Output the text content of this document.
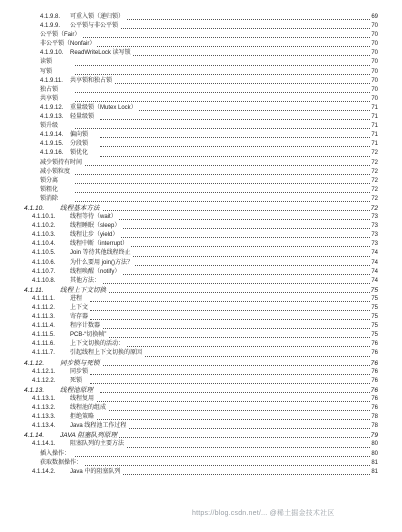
4.1.9.8. 可重入锁（递归锁）	69
4.1.9.9. 公平锁与非公平锁	70
公平锁（Fair）	70
非公平锁（Nonfair）	70
4.1.9.10. ReadWriteLock 读写锁	70
读锁	70
写锁	70
4.1.9.11. 共享锁和独占锁	70
独占锁	70
共享锁	70
4.1.9.12. 重量级锁（Mutex Lock）	71
4.1.9.13. 轻量级锁	71
锁升级	71
4.1.9.14. 偏向锁	71
4.1.9.15. 分段锁	71
4.1.9.16. 锁优化	72
减少锁持有时间	72
减小锁粒度	72
锁分离	72
锁粗化	72
锁消除	72
4.1.10. 线程基本方法	72
4.1.10.1. 线程等待（wait）	73
4.1.10.2. 线程睡眠（sleep）	73
4.1.10.3. 线程让步（yield）	73
4.1.10.4. 线程中断（interrupt）	73
4.1.10.5. Join 等待其他线程终止	74
4.1.10.6. 为什么要用 join()方法？	74
4.1.10.7. 线程唤醒（notify）	74
4.1.10.8. 其他方法：	74
4.1.11. 线程上下文切换	75
4.1.11.1.	进程	75
4.1.11.2.	上下文	75
4.1.11.3.	寄存器	75
4.1.11.4.	程序计数器	75
4.1.11.5.	PCB-“切换帧”	75
4.1.11.6.	上下文切换的活动：	76
4.1.11.7.	引起线程上下文切换的原因	76
4.1.12. 同步锁与死锁	76
4.1.12.1. 同步锁	76
4.1.12.2. 死锁	76
4.1.13. 线程池原理	76
4.1.13.1. 线程复用	76
4.1.13.2. 线程池的组成	76
4.1.13.3. 拒绝策略	78
4.1.13.4. Java 线程池工作过程	78
4.1.14. JAVA 阻塞队列原理	79
4.1.14.1. 阻塞队列的主要方法	80
插入操作：	80
获取数据操作：	81
4.1.14.2. Java 中的阻塞队列	81
https://blog.csdn.net/... @稀土掘金技术社区
